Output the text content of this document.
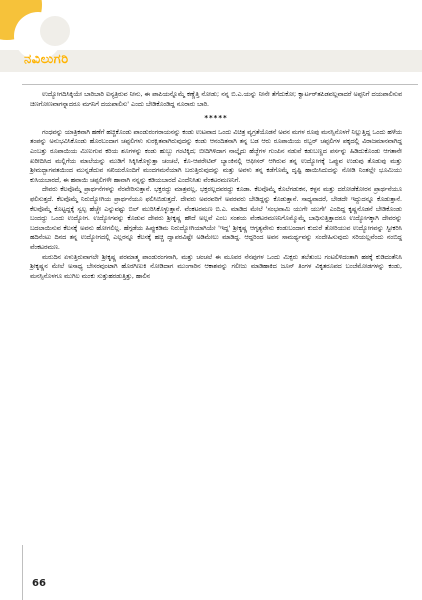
ನವಿಲುಗರಿ

ಉದ್ಯೋಗದಿಸಿಕ್ಕಿಯೇ ಬಾರಿಬಾರಿ ಐನ್ಯತ್ರಿರುವ ನೀನು, ಈ ಪಾಪಿಯನ್ನೊಮ್ಮೆ ಕಣ್ಣೆತ್ತಿ ನೋಡು; ನನ್ನ ಬಿ.ಎ.ಯನ್ನು ನೀನೇ ತೆಗೆದುಕೋ; ಕ್ವಾರ್ಟರ್‌ತಪಿಡವಲ್ಲವಾದರೆ ಅಪ್ಪನಿಗೆ ದಯಪಾಲಿಸುವ ಚಿಣಗೋಣವಾಗನ್ನಾದರೂ ಮಗನಿಗೆ ದಯಪಾಲಿಸು' ಎಂದು ಬೇಡಿಕೊಂಡಿದ್ದ ನೂರಾರು ಬಾರಿ.

*****

ಗಂಧವನ್ನು ಯಾತ್ರಿಕವಾಗಿ ಹಣೆಗೆ ಹಚ್ಚಿಕೊಂಡು ಪಾಂಡುರಂಗರಾಯನನ್ನು ಕಂಡು ಉಟವಾದ ಒಂದು ವಿಚಿತ್ರ ವ್ಯಗ್ರತೆಯೊಡನೆ ಅವನ ಮಗಳ ರೂಪು ಮನಸ್ಸಿನೊಳಗೆ ನಿಲ್ಲುತ್ತಿದ್ದ ಒಂದು ಹಳೆಯ ತಂಪನ್ನು ಅನುಭವಿಸಿಕೊಂಡು ಹೊರಬಂದಾಗ ಚಪ್ಪಲಿಗಳು ಸುರಕ್ಷಿತವಾಗಿರುವುದನ್ನು ಕಂಡು ಆನಂದಿತನಾಗಿ ತನ್ನ ಬಡ ಆರು ರೂಪಾಯಿಯ ರಬ್ಬರ್ ಚಪ್ಪಲಿಗಳ ಪಕ್ಕದಲ್ಲಿ ವಿರಾಜಮಾನವಾಗಿದ್ದ ಎಂಬತ್ತು ರೂಪಾಯಿಯ ಮಿಣುಗುವ ಕರಿಯ ಶೂಗಳನ್ನು ಕಂಡು ಹುಬ್ಬು ಗಂಟಿಕ್ಕಿದ; ಬೀದಿಗಿಳಿದಾಗ ನಾಲ್ಕೈದು ಹೆಜ್ಜೆಗಳ ಗುಂಪಿನ ನಡುವೆ ಕಡುಬಣ್ಣದ ಪರ್ಸನ್ನು ಹಿಡಿದುಕೊಂಡು ಆಗತಾನೇ ಖರೀದಿಸಿದ ಮಲ್ಲಿಗೆಯ ಮಾಲೆಯನ್ನು ಮುಡಿಗೆ ಸಿಕ್ಕಿಸಿಕೊಳ್ಳುತ್ತಾ ಚಂಚಲೆ, ಕೊ-ಆಪರೇಟಿವ್ ಬ್ಯಾಂಕಿನಲ್ಲಿ ಆಫೀಸರ್ ಆಗಿರುವ ತನ್ನ ಉದ್ಯೋಗಕ್ಕೆ ಒಪ್ಪುವ ಉಡುಪು ತೊಡುವು ಮತ್ತು ಶ್ರೀಮದ್ಭಾಗವತಯಿಂದ ಮುನ್ನಡೆದುವ ಸಖಿಯರೊಂದಿಗೆ ಮಂದಗಮನೆಯಾಗಿ ಬರುತ್ತಿರುವುದನ್ನು ಮತ್ತು ಅವಳು ತನ್ನ ಕಡೆಗೊಮ್ಮೆ ದೃಷ್ಟಿ ಹಾಯಿಸಿದುದನ್ನು ನೋಡಿ ನಿಂತಲ್ಲೇ ಭೂಮಿಯು ಕುಸಿಯಬಾರದೆ, ಈ ಹವಾಯಿ ಚಪ್ಪಲಿಗಳೇ ಹಾವಾಗಿ ನನ್ನನ್ನು ಕಡಿಯಬಾರದೆ ಎಂದೆನಿಸಿತು ವೆಂಕಟರಮಣನಿಗೆ.

ದೇವರು ಕೆಲವೊಮ್ಮೆ ಪ್ರಾರ್ಥನೆಗಳನ್ನು ನೆರವೇರಿಸುತ್ತಾನೆ. ಭಕ್ತರದ್ದು ಮಾತ್ರವಲ್ಲ, ಭಕ್ತರಲ್ಲದವರದ್ದು ಕೂಡಾ. ಕೆಲವೊಮ್ಮೆ ಕೊಲೆಗಡುಕನ, ಕಳ್ಳನ ಮತ್ತು ದರೋಡೆಕೋರನ ಪ್ರಾರ್ಥನೆಯೂ ಫಲಿಸುತ್ತದೆ. ಕೆಲವೊಮ್ಮೆ ನಿರುದ್ಯೋಗಿಯ ಪ್ರಾರ್ಥನೆಯೂ ಫಲಿಸಿಬಿಡುತ್ತದೆ. ದೇವರು ಅವರವರಿಗೆ ಅವರವರು ಬೇಡಿದ್ದನ್ನು ಕೊಡುತ್ತಾನೆ. ಸಾಧ್ಯವಾದರೆ, ಬೇಡದೇ ಇದ್ದುದನ್ನೂ ಕೊಡುತ್ತಾನೆ. ಕೆಲವೊಮ್ಮೆ ಕೊಟ್ಟದ್ದಕ್ಕೆ ಸ್ವಲ್ಪ ಹೆಚ್ಚೇ ಎನ್ನುವಷ್ಟು ಬಿಲ್ ಮುರಿಸಿಕೊಳ್ಳುತ್ತಾನೆ. ವೆಂಕಟರಮಣ ಬಿ.ಎ. ಮಾಡಿದ ಮೇಲೆ 'ಸಂಭವಾಮಿ ಯುಗೇ ಯುಗೇ' ಎಂದಿದ್ದ ಕೃಷ್ಣನೊಡನೆ ಬೇಡಿಕೊಂಡು ಬಂದದ್ದು ಒಂದು ಉದ್ಯೋಗ. ಉದ್ಯೋಗವನ್ನು ಕೊಡುವ ದೇವರು ಶ್ರೀಕೃಷ್ಣ ಹೌದೆ ಅಲ್ಲವೆ ಎಂಬ ಸಂಶಯ ವೆಂಕಟರಮಣನಿಗೊಮ್ಮೊಮ್ಮೆ ಬಾಧಿಸುತ್ತಿತ್ತಾದರೂ ಉದ್ಯೋಗಕ್ಕಾಗಿ ದೇವರನ್ನು ಬದಲಾಯಿಸುವ ಕೆಲಸಕ್ಕೆ ಅವನು ಹೋಗಲಿಲ್ಲ. ಹೆಗ್ಗಡೆಯ ಹಿಪ್ಪುಕಡಿಮ ನಿರುದ್ಯೋಗಿಯಾಗಿಯೇ 'ಇದ್ದ' ಶ್ರೀಕೃಷ್ಣ ಆಗೃತ್ಯವೇನು ಕಂಡುಬಂದಾಗ ಕುದುರೆ ತೋರಿಯುವ ಉದ್ಯೋಗವನ್ನು ಸ್ವೀಕರಿಸಿ ಹದಿನೆಂಟು ದಿನದ ತನ್ನ ಉದ್ಯೋಗದಲ್ಲಿ ಎಲ್ಲರನ್ನೂ ಕೆಲಸಕ್ಕೆ ಹಚ್ಚಿ ದ್ವಾಪರವಿಷ್ಟೇ ಅಡಿಮೇಲು ಮಾಡಿದ್ದ. ಆದ್ದರಿಂದ ಅವನ ಸಾಮರ್ಥ್ಯವನ್ನು ಸಂದೇಹಿಸುವುದು ಸರಿಯಲ್ಲವೆಂದು ನಂಬಿದ್ದ ವೆಂಕಟರಮಣ.

ಮರುದಿನ ಏಳುತ್ತಿರುವಾಗಲೇ ಶ್ರೀಕೃಷ್ಣ ಪರಮಾತ್ಮ ಪಾಂಡುರಂಗನಾಗಿ, ಮತ್ತು ಚಂಚಲೆ ಈ ಮೂವರ ನೆನಪುಗಳ ಒಂದು ಮಿಕ್ಸರು ತಲೆತುಂಬ ಗಂಟಲಿಳಿದಂತಾಗಿ ಹಠಕ್ಕೆ ಕುಡಿದಂತೆನಿಸಿ ಶ್ರೀಕೃಷ್ಣನ ಮೇಲೆ ಅಸಾಧ್ಯ ಬೇಸರವುಂಟಾಗಿ ಹೊರಗಿಣುಕಿ ನೋಡಿದಾಗ ಮುಂಗಾರಿನ ಆಕಾಶವನ್ನು ಗಲೀಜು ಮಾಡಿಹಾಕಿದ ಜೂನ್ ತಿಂಗಳ ವಿಕೃತರೂಪದ ಬಂಜೆಮೋಡಗಳನ್ನು ಕಂಡು, ಮನಸ್ಸಿನೊಳಗೂ ಮುಗಿಲ ಮಂಕು ಸುತ್ತುಹರಡುತ್ತಿತ್ತು, ಹಾಲಿನ

66
